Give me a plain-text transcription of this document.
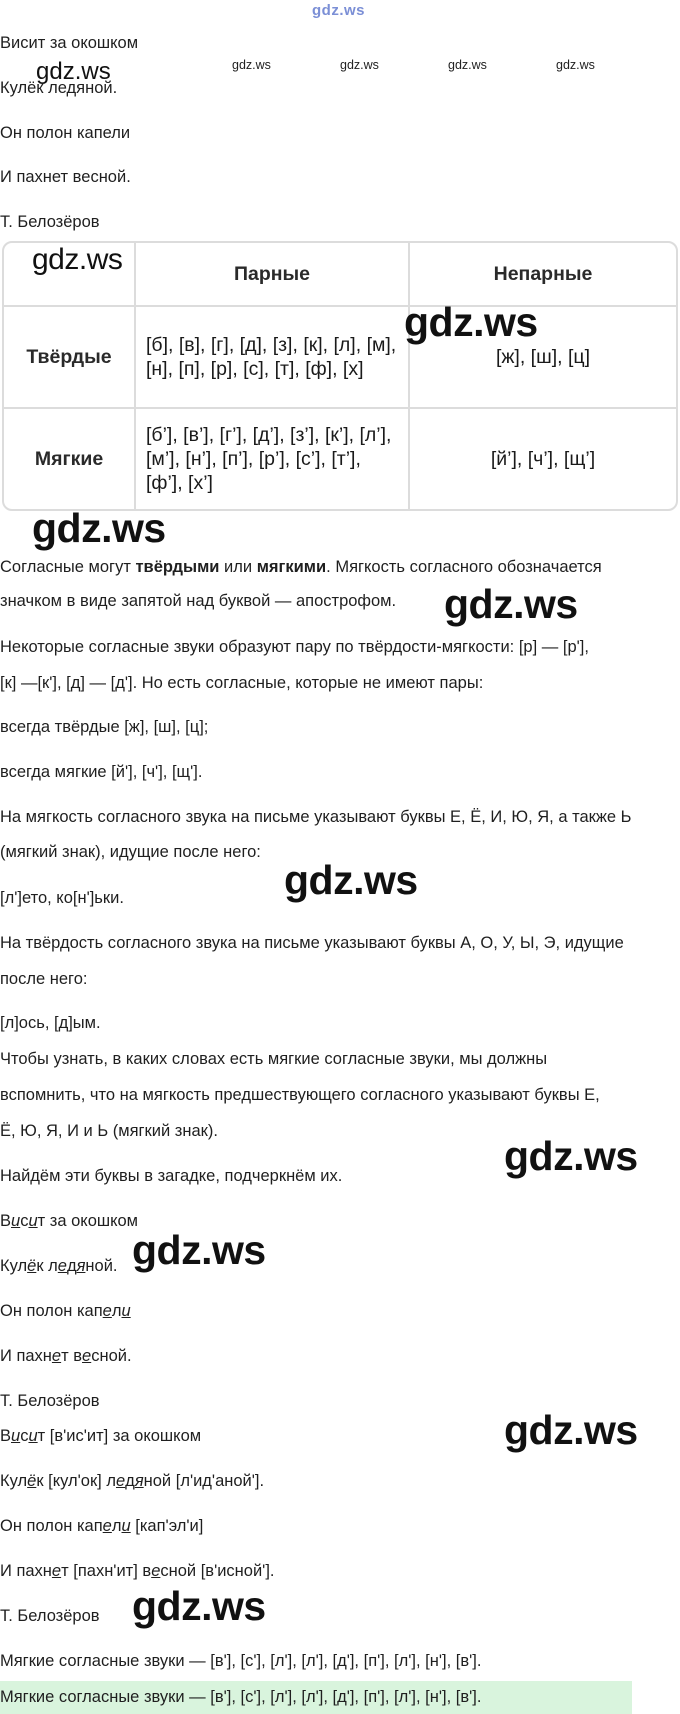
gdz.ws
gdz.ws	gdz.ws	gdz.ws	gdz.ws
Висит за окошком
gdz.ws
Кулёк ледяной.
Он полон капели
И пахнет весной.
Т. Белозёров
	Парные	Непарные
Твёрдые	[б], [в], [г], [д], [з], [к], [л], [м], [н], [п], [р], [с], [т], [ф], [х]	[ж], [ш], [ц]
Мягкие	[б’], [в’], [г’], [д’], [з’], [к’], [л’], [м’], [н’], [п’], [р’], [с’], [т’], [ф’], [х’]	[й’], [ч’], [щ’]
gdz.ws
gdz.ws
gdz.ws
Согласные могут твёрдыми или мягкими. Мягкость согласного обозначается
значком в виде запятой над буквой — апострофом. gdz.ws
Некоторые согласные звуки образуют пару по твёрдости-мягкости: [р] — [р'],
[к] —[к'], [д] — [д']. Но есть согласные, которые не имеют пары:
всегда твёрдые [ж], [ш], [ц];
всегда мягкие [й'], [ч'], [щ'].
На мягкость согласного звука на письме указывают буквы Е, Ё, И, Ю, Я, а также Ь
(мягкий знак), идущие после него:
gdz.ws
[л']ето, ко[н']ьки.
На твёрдость согласного звука на письме указывают буквы А, О, У, Ы, Э, идущие
после него:
[л]ось, [д]ым.
Чтобы узнать, в каких словах есть мягкие согласные звуки, мы должны
вспомнить, что на мягкость предшествующего согласного указывают буквы Е,
Ё, Ю, Я, И и Ь (мягкий знак).
gdz.ws
Найдём эти буквы в загадке, подчеркнём их.
Висит за окошком
gdz.ws
Кулёк ледяной.
Он полон капели
И пахнет весной.
Т. Белозёров
Висит [в'ис'ит] за окошком	gdz.ws
Кулёк [кул'ок] ледяной [л'ид'аной'].
Он полон капели [кап'эл'и]
И пахнет [пахн'ит] весной [в'исной'].
Т. Белозёров gdz.ws
Мягкие согласные звуки — [в'], [с'], [л'], [л'], [д'], [п'], [л'], [н'], [в'].
Мягкие согласные звуки — [в'], [с'], [л'], [л'], [д'], [п'], [л'], [н'], [в'].
